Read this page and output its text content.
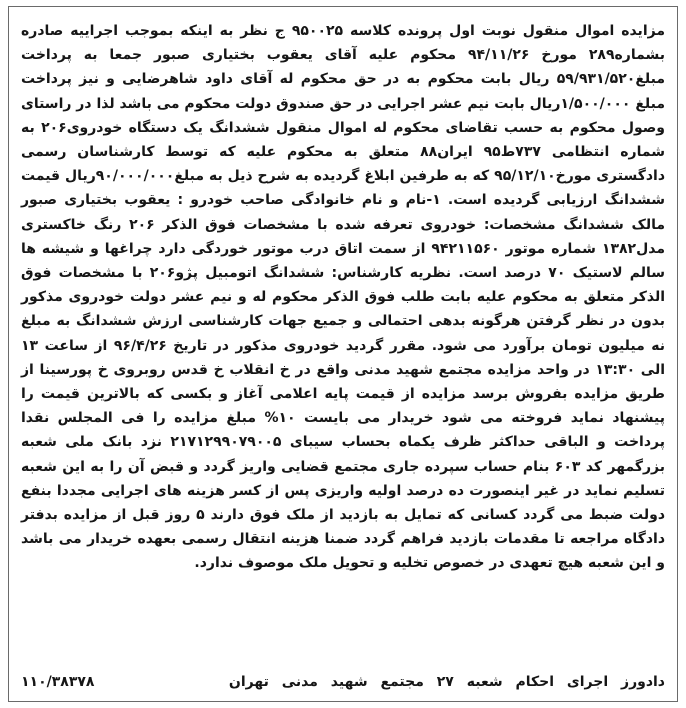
مزایده اموال منقول نوبت اول پرونده کلاسه ۹۵۰۰۲۵ ج نظر به اینکه بموجب اجراییه صادره بشماره۲۸۹ مورخ ۹۴/۱۱/۲۶ محکوم علیه آقای یعقوب بختیاری صبور جمعا به پرداخت مبلغ۵۹/۹۳۱/۵۲۰ ریال بابت محکوم به در حق محکوم له آقای داود شاهرضایی و نیز پرداخت مبلغ ۱/۵۰۰/۰۰۰ریال بابت نیم عشر اجرایی در حق صندوق دولت محکوم می باشد لذا در راستای وصول محکوم به حسب تقاضای محکوم له اموال منقول ششدانگ یک دستگاه خودروی۲۰۶ به شماره انتظامی ۷۳۷ط۹۵ ایران۸۸ متعلق به محکوم علیه که توسط کارشناسان رسمی دادگستری مورخ۹۵/۱۲/۱۰ که به طرفین ابلاغ گردیده به شرح ذیل به مبلغ۹۰/۰۰۰/۰۰۰ریال قیمت ششدانگ ارزیابی گردیده است. ۱-نام و نام خانوادگی صاحب خودرو : یعقوب بختیاری صبور مالک ششدانگ مشخصات: خودروی تعرفه شده با مشخصات فوق الذکر ۲۰۶ رنگ خاکستری مدل۱۳۸۲ شماره موتور ۹۴۲۱۱۵۶۰ از سمت اتاق درب موتور خوردگی دارد چراغها و شیشه ها سالم لاستیک ۷۰ درصد است. نظریه کارشناس: ششدانگ اتومبیل پژو۲۰۶ با مشخصات فوق الذکر متعلق به محکوم علیه بابت طلب فوق الذکر محکوم له و نیم عشر دولت خودروی مذکور بدون در نظر گرفتن هرگونه بدهی احتمالی و جمیع جهات کارشناسی ارزش ششدانگ به مبلغ نه میلیون تومان برآورد می شود. مقرر گردید خودروی مذکور در تاریخ ۹۶/۴/۲۶ از ساعت ۱۳ الی ۱۳:۳۰ در واحد مزایده مجتمع شهید مدنی واقع در خ انقلاب خ قدس روبروی خ پورسینا از طریق مزایده بفروش برسد مزایده از قیمت پایه اعلامی آغاز و بکسی که بالاترین قیمت را پیشنهاد نماید فروخته می شود خریدار می بایست ۱۰% مبلغ مزایده را فی المجلس نقدا پرداخت و الباقی حداکثر ظرف یکماه بحساب سیبای ۲۱۷۱۲۹۹۰۷۹۰۰۵ نزد بانک ملی شعبه بزرگمهر کد ۶۰۳ بنام حساب سپرده جاری مجتمع قضایی واریز گردد و قبض آن را به این شعبه تسلیم نماید در غیر اینصورت ده درصد اولیه واریزی پس از کسر هزینه های اجرایی مجددا بنفع دولت ضبط می گردد کسانی که تمایل به بازدید از ملک فوق دارند ۵ روز قبل از مزایده بدفتر دادگاه مراجعه تا مقدمات بازدید فراهم گردد ضمنا هزینه انتقال رسمی بعهده خریدار می باشد و این شعبه هیچ تعهدی در خصوص تخلیه و تحویل ملک موصوف ندارد.

دادورز اجرای احکام شعبه ۲۷ مجتمع شهید مدنی تهران
۱۱۰/۳۸۳۷۸
